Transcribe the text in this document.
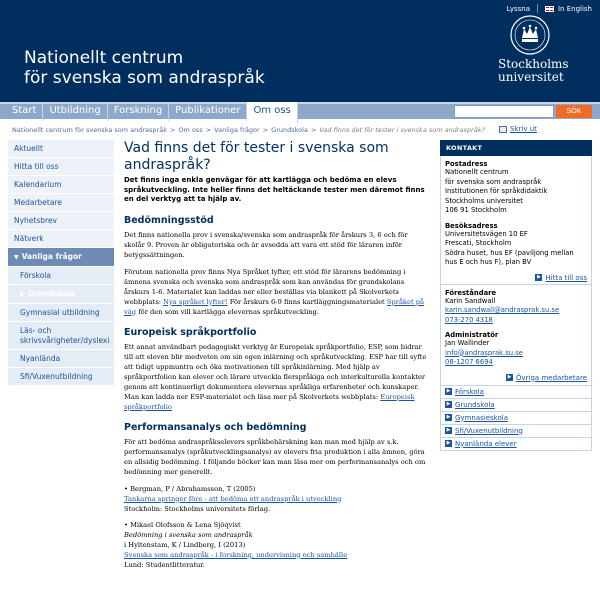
Lyssna	In English
Nationellt centrum
för svenska som andraspråk
Stockholms
universitet
Start	Utbildning	Forskning	Publikationer	Om oss	SÖK
Nationellt centrum för svenska som andraspråk > Om oss > Vanliga frågor > Grundskola > Vad finns det för tester i svenska som andraspråk?	Skriv ut
Aktuellt
Hitta till oss
Kalendarium
Medarbetare
Nyhetsbrev
Nätverk
▼ Vanliga frågor
Förskola
▶ Grundskola
Gymnasial utbildning
Läs- och skrivsvårigheter/dyslexi
Nyanlända
Sfi/Vuxenutbildning
Vad finns det för tester i svenska som andraspråk?
Det finns inga enkla genvägar för att kartlägga och bedöma en elevs språkutveckling. Inte heller finns det heltäckande tester men däremot finns en del verktyg att ta hjälp av.
Bedömningsstöd

Det finns nationella prov i svenska/svenska som andraspråk för årskurs 3, 6 och för skolår 9. Proven är obligatoriska och är avsedda att vara ett stöd för läraren inför betygssättningen.

Förutom nationella prov finns Nya Språket lyfter, ett stöd för lärarens bedömning i ämnena svenska och svenska som andraspråk som kan användas för grundskolans årskurs 1-6. Materialet kan laddas ner eller beställas via blankett på Skolverkets webbplats: Nya språket lyfter! För årskurs 6-9 finns kartläggningsmaterialet Språket på väg för den som vill kartlägga elevernas språkutveckling.

Europeisk språkportfolio

Ett annat användbart pedagogiskt verktyg är Europeisk språkportfolio, ESP, som bidrar till att eleven blir medveten om sin egen inlärning och språkutveckling. ESP har till syfte att tidigt uppmuntra och öka motivationen till språkinlärning. Med hjälp av språkportfolion kan elever och lärare utveckla flerspråkiga och interkulturella kontakter genom att kontinuerligt dokumentera elevernas språkliga erfarenheter och kunskaper. Man kan ladda ner ESP-materialet och läsa mer på Skolverkets webbplats: Europeisk språkportfolio

Performansanalys och bedömning

För att bedöma andraspråkselevers språkbehärskning kan man med hjälp av s.k. performansanalys (språkutvecklingsanalys) av elevers fria produktion i alla ämnen, göra en allsidig bedömning. I följande böcker kan man läsa mer om performansanalys och om bedömning mer generellt.

• Bergman, P / Abrahamsson, T (2005)
Tankarna springer före - att bedöma ett andraspråk i utveckling
Stockholm: Stockholms universitets förlag.
• Mikael Olofsson & Lena Sjöqvist
Bedömning i svenska som andraspråk
i Hyltenstam, K / Lindberg, I (2013)
Svenska som andraspråk - i forskning, undervisning och samhälle
Lund: Studentlitteratur.
KONTAKT
Postadress
Nationellt centrum
för svenska som andraspråk
Institutionen för språkdidaktik
Stockholms universitet
106 91 Stockholm
Besöksadress
Universitetsvägen 10 EF
Frescati, Stockholm
Södra huset, hus EF (paviljong mellan hus E och hus F), plan BV
▶ Hitta till oss
Föreståndare
Karin Sandwall
karin.sandwall@andrasprak.su.se
073-270 4318
Administratör
Jan Wallinder
info@andrasprak.su.se
08-1207 6694
▶ Övriga medarbetare
▶ Förskola
▶ Grundskola
▶ Gymnasieskola
▶ Sfi/Vuxenutbildning
▶ Nyanlända elever
